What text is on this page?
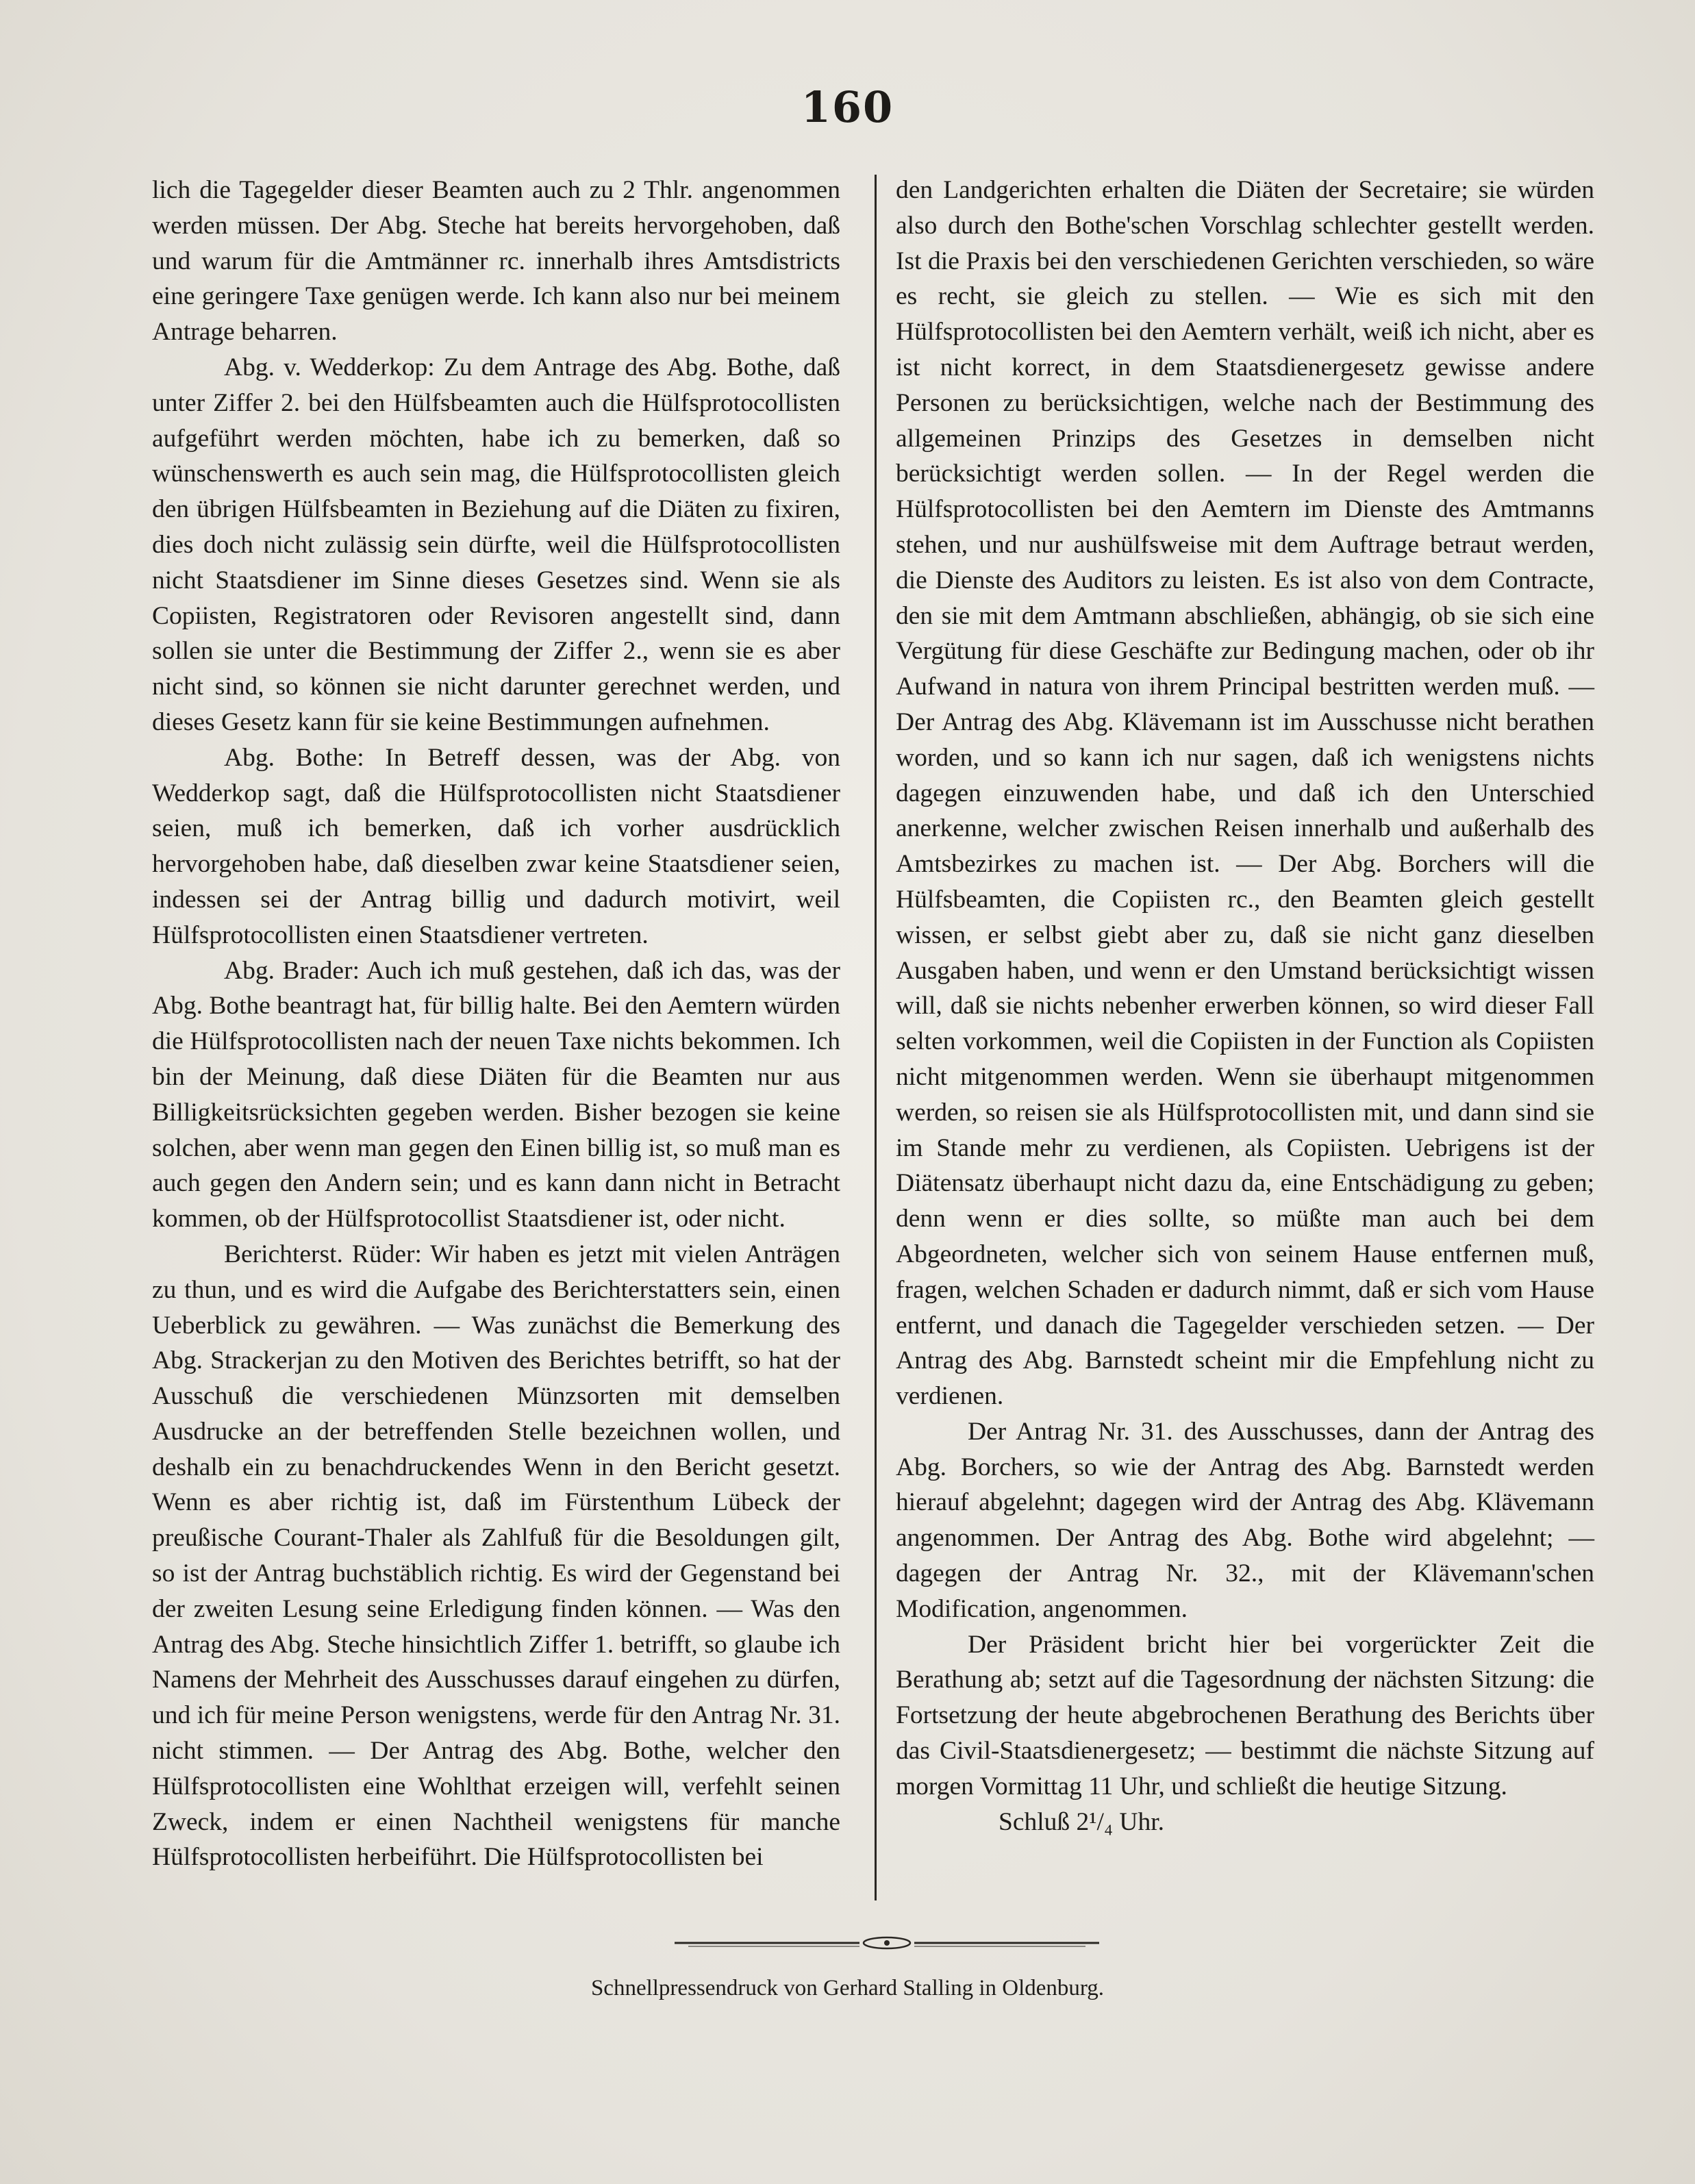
160

lich die Tagegelder dieser Beamten auch zu 2 Thlr. angenommen werden müssen. Der Abg. Steche hat bereits hervorgehoben, daß und warum für die Amtmänner rc. innerhalb ihres Amtsdistricts eine geringere Taxe genügen werde. Ich kann also nur bei meinem Antrage beharren.

Abg. v. Wedderkop: Zu dem Antrage des Abg. Bothe, daß unter Ziffer 2. bei den Hülfsbeamten auch die Hülfsprotocollisten aufgeführt werden möchten, habe ich zu bemerken, daß so wünschenswerth es auch sein mag, die Hülfsprotocollisten gleich den übrigen Hülfsbeamten in Beziehung auf die Diäten zu fixiren, dies doch nicht zulässig sein dürfte, weil die Hülfsprotocollisten nicht Staatsdiener im Sinne dieses Gesetzes sind. Wenn sie als Copiisten, Registratoren oder Revisoren angestellt sind, dann sollen sie unter die Bestimmung der Ziffer 2., wenn sie es aber nicht sind, so können sie nicht darunter gerechnet werden, und dieses Gesetz kann für sie keine Bestimmungen aufnehmen.

Abg. Bothe: In Betreff dessen, was der Abg. von Wedderkop sagt, daß die Hülfsprotocollisten nicht Staatsdiener seien, muß ich bemerken, daß ich vorher ausdrücklich hervorgehoben habe, daß dieselben zwar keine Staatsdiener seien, indessen sei der Antrag billig und dadurch motivirt, weil Hülfsprotocollisten einen Staatsdiener vertreten.

Abg. Brader: Auch ich muß gestehen, daß ich das, was der Abg. Bothe beantragt hat, für billig halte. Bei den Aemtern würden die Hülfsprotocollisten nach der neuen Taxe nichts bekommen. Ich bin der Meinung, daß diese Diäten für die Beamten nur aus Billigkeitsrücksichten gegeben werden. Bisher bezogen sie keine solchen, aber wenn man gegen den Einen billig ist, so muß man es auch gegen den Andern sein; und es kann dann nicht in Betracht kommen, ob der Hülfsprotocollist Staatsdiener ist, oder nicht.

Berichterst. Rüder: Wir haben es jetzt mit vielen Anträgen zu thun, und es wird die Aufgabe des Berichterstatters sein, einen Ueberblick zu gewähren. — Was zunächst die Bemerkung des Abg. Strackerjan zu den Motiven des Berichtes betrifft, so hat der Ausschuß die verschiedenen Münzsorten mit demselben Ausdrucke an der betreffenden Stelle bezeichnen wollen, und deshalb ein zu benachdruckendes Wenn in den Bericht gesetzt. Wenn es aber richtig ist, daß im Fürstenthum Lübeck der preußische Courant-Thaler als Zahlfuß für die Besoldungen gilt, so ist der Antrag buchstäblich richtig. Es wird der Gegenstand bei der zweiten Lesung seine Erledigung finden können. — Was den Antrag des Abg. Steche hinsichtlich Ziffer 1. betrifft, so glaube ich Namens der Mehrheit des Ausschusses darauf eingehen zu dürfen, und ich für meine Person wenigstens, werde für den Antrag Nr. 31. nicht stimmen. — Der Antrag des Abg. Bothe, welcher den Hülfsprotocollisten eine Wohlthat erzeigen will, verfehlt seinen Zweck, indem er einen Nachtheil wenigstens für manche Hülfsprotocollisten herbeiführt. Die Hülfsprotocollisten bei

den Landgerichten erhalten die Diäten der Secretaire; sie würden also durch den Bothe'schen Vorschlag schlechter gestellt werden. Ist die Praxis bei den verschiedenen Gerichten verschieden, so wäre es recht, sie gleich zu stellen. — Wie es sich mit den Hülfsprotocollisten bei den Aemtern verhält, weiß ich nicht, aber es ist nicht korrect, in dem Staatsdienergesetz gewisse andere Personen zu berücksichtigen, welche nach der Bestimmung des allgemeinen Prinzips des Gesetzes in demselben nicht berücksichtigt werden sollen. — In der Regel werden die Hülfsprotocollisten bei den Aemtern im Dienste des Amtmanns stehen, und nur aushülfsweise mit dem Auftrage betraut werden, die Dienste des Auditors zu leisten. Es ist also von dem Contracte, den sie mit dem Amtmann abschließen, abhängig, ob sie sich eine Vergütung für diese Geschäfte zur Bedingung machen, oder ob ihr Aufwand in natura von ihrem Principal bestritten werden muß. — Der Antrag des Abg. Klävemann ist im Ausschusse nicht berathen worden, und so kann ich nur sagen, daß ich wenigstens nichts dagegen einzuwenden habe, und daß ich den Unterschied anerkenne, welcher zwischen Reisen innerhalb und außerhalb des Amtsbezirkes zu machen ist. — Der Abg. Borchers will die Hülfsbeamten, die Copiisten rc., den Beamten gleich gestellt wissen, er selbst giebt aber zu, daß sie nicht ganz dieselben Ausgaben haben, und wenn er den Umstand berücksichtigt wissen will, daß sie nichts nebenher erwerben können, so wird dieser Fall selten vorkommen, weil die Copiisten in der Function als Copiisten nicht mitgenommen werden. Wenn sie überhaupt mitgenommen werden, so reisen sie als Hülfsprotocollisten mit, und dann sind sie im Stande mehr zu verdienen, als Copiisten. Uebrigens ist der Diätensatz überhaupt nicht dazu da, eine Entschädigung zu geben; denn wenn er dies sollte, so müßte man auch bei dem Abgeordneten, welcher sich von seinem Hause entfernen muß, fragen, welchen Schaden er dadurch nimmt, daß er sich vom Hause entfernt, und danach die Tagegelder verschieden setzen. — Der Antrag des Abg. Barnstedt scheint mir die Empfehlung nicht zu verdienen.

Der Antrag Nr. 31. des Ausschusses, dann der Antrag des Abg. Borchers, so wie der Antrag des Abg. Barnstedt werden hierauf abgelehnt; dagegen wird der Antrag des Abg. Klävemann angenommen. Der Antrag des Abg. Bothe wird abgelehnt; — dagegen der Antrag Nr. 32., mit der Klävemann'schen Modification, angenommen.

Der Präsident bricht hier bei vorgerückter Zeit die Berathung ab; setzt auf die Tagesordnung der nächsten Sitzung: die Fortsetzung der heute abgebrochenen Berathung des Berichts über das Civil-Staatsdienergesetz; — bestimmt die nächste Sitzung auf morgen Vormittag 11 Uhr, und schließt die heutige Sitzung.

Schluß 2¹/₄ Uhr.

Schnellpressendruck von Gerhard Stalling in Oldenburg.
